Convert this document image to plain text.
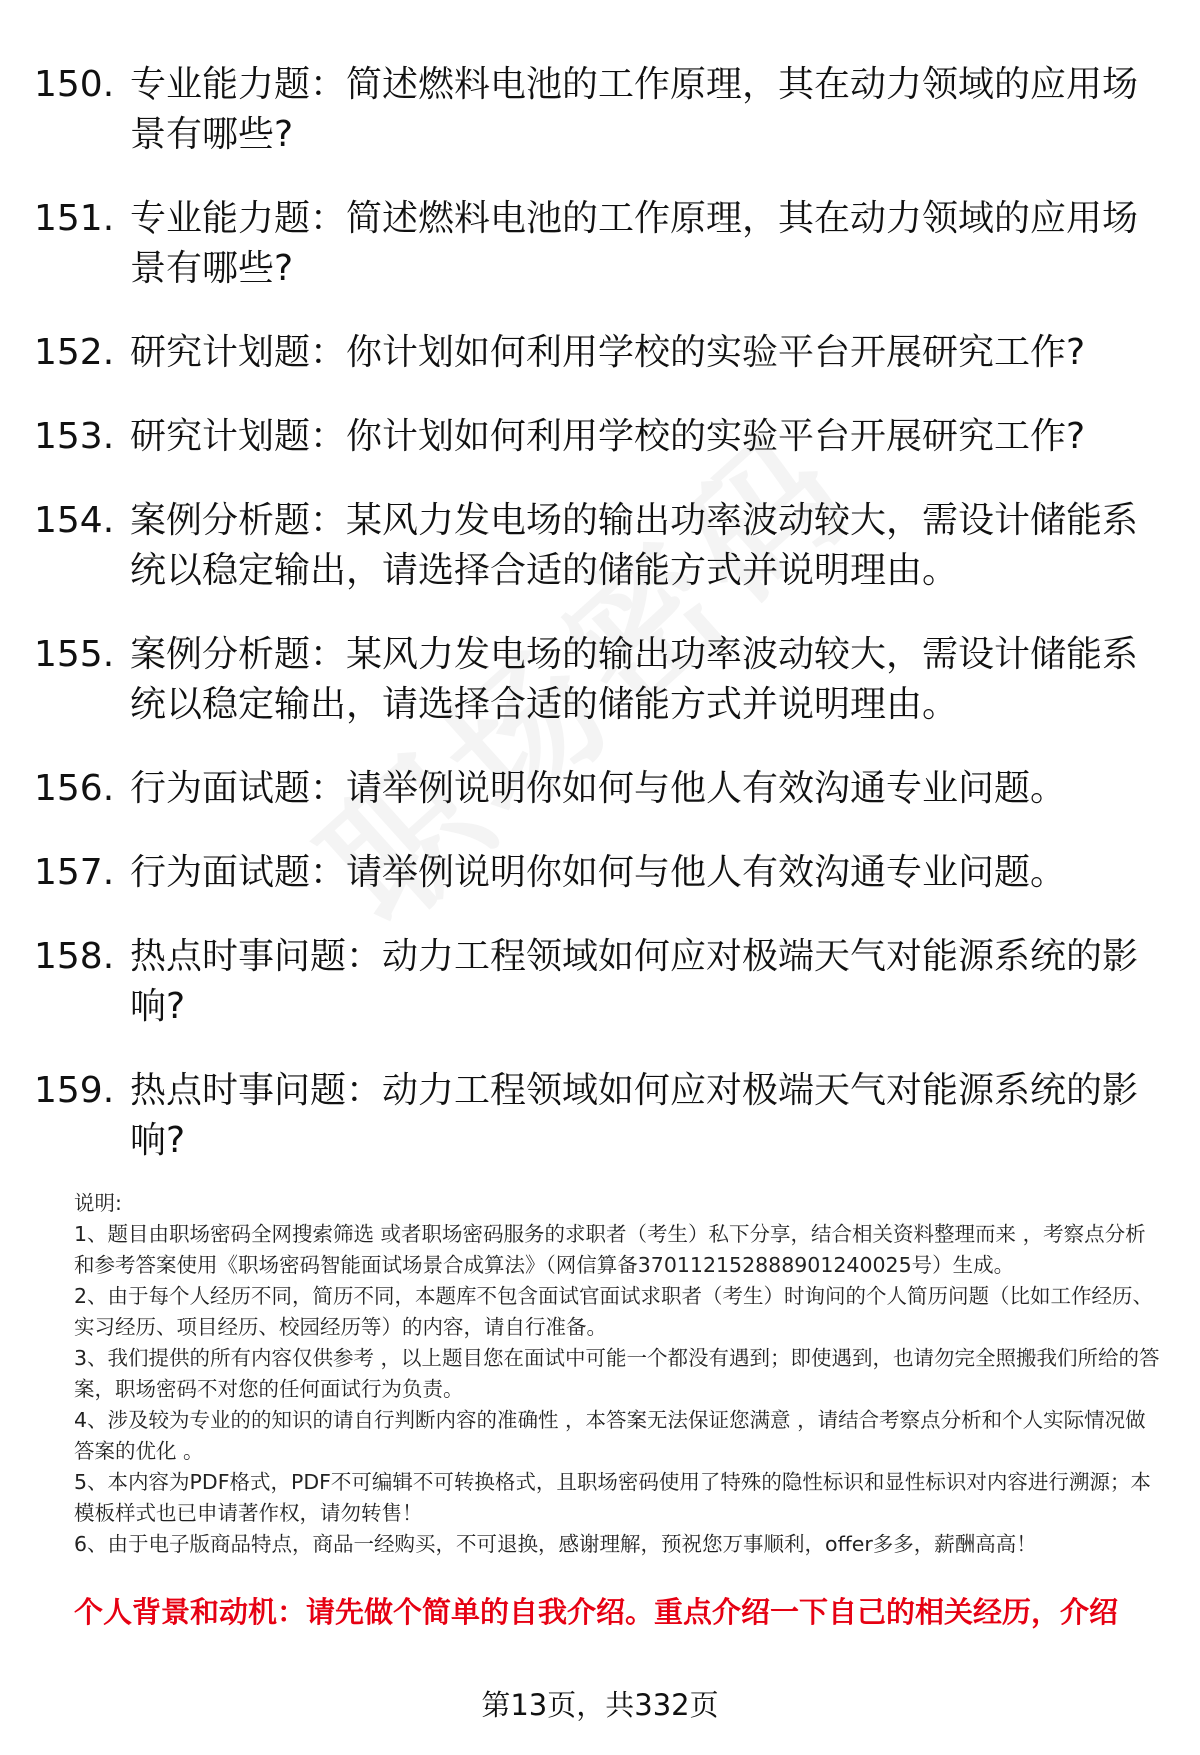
150. 专业能力题：简述燃料电池的工作原理，其在动力领域的应用场景有哪些?
151. 专业能力题：简述燃料电池的工作原理，其在动力领域的应用场景有哪些?
152. 研究计划题：你计划如何利用学校的实验平台开展研究工作?
153. 研究计划题：你计划如何利用学校的实验平台开展研究工作?
154. 案例分析题：某风力发电场的输出功率波动较大，需设计储能系统以稳定输出，请选择合适的储能方式并说明理由。
155. 案例分析题：某风力发电场的输出功率波动较大，需设计储能系统以稳定输出，请选择合适的储能方式并说明理由。
156. 行为面试题：请举例说明你如何与他人有效沟通专业问题。
157. 行为面试题：请举例说明你如何与他人有效沟通专业问题。
158. 热点时事问题：动力工程领域如何应对极端天气对能源系统的影响?
159. 热点时事问题：动力工程领域如何应对极端天气对能源系统的影响?

说明:

1、题目由职场密码全网搜索筛选 或者职场密码服务的求职者（考生）私下分享，结合相关资料整理而来 ，考察点分析和参考答案使用《职场密码智能面试场景合成算法》（网信算备370112152888901240025号）生成。

2、由于每个人经历不同，简历不同，本题库不包含面试官面试求职者（考生）时询问的个人简历问题（比如工作经历、实习经历、项目经历、校园经历等）的内容，请自行准备。

3、我们提供的所有内容仅供参考 ，以上题目您在面试中可能一个都没有遇到；即使遇到，也请勿完全照搬我们所给的答案，职场密码不对您的任何面试行为负责。

4、涉及较为专业的的知识的请自行判断内容的准确性 ，本答案无法保证您满意 ，请结合考察点分析和个人实际情况做答案的优化 。

5、本内容为PDF格式，PDF不可编辑不可转换格式，且职场密码使用了特殊的隐性标识和显性标识对内容进行溯源；本模板样式也已申请著作权，请勿转售！

6、由于电子版商品特点，商品一经购买，不可退换，感谢理解，预祝您万事顺利，offer多多，薪酬高高！

个人背景和动机：请先做个简单的自我介绍。重点介绍一下自己的相关经历，介绍
第13页，共332页
